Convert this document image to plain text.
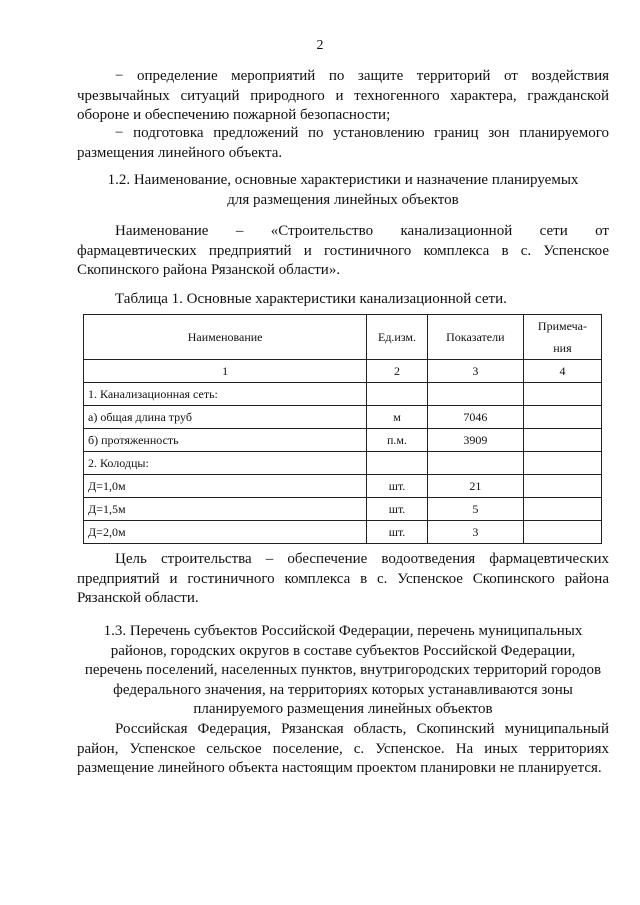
2

− определение мероприятий по защите территорий от воздействия чрезвычайных ситуаций природного и техногенного характера, гражданской обороне и обеспечению пожарной безопасности;

− подготовка предложений по установлению границ зон планируемого размещения линейного объекта.

1.2. Наименование, основные характеристики и назначение планируемых для размещения линейных объектов

Наименование – «Строительство канализационной сети от фармацевтических предприятий и гостиничного комплекса в с. Успенское Скопинского района Рязанской области».

Таблица 1. Основные характеристики канализационной сети.
Наименование	Ед.изм.	Показатели	Примеча-ния
1	2	3	4
1. Канализационная сеть:			
а) общая длина труб	м	7046	
б) протяженность	п.м.	3909	
2. Колодцы:			
Д=1,0м	шт.	21	
Д=1,5м	шт.	5	
Д=2,0м	шт.	3	

Цель строительства – обеспечение водоотведения фармацевтических предприятий и гостиничного комплекса в с. Успенское Скопинского района Рязанской области.

1.3. Перечень субъектов Российской Федерации, перечень муниципальных районов, городских округов в составе субъектов Российской Федерации, перечень поселений, населенных пунктов, внутригородских территорий городов федерального значения, на территориях которых устанавливаются зоны планируемого размещения линейных объектов

Российская Федерация, Рязанская область, Скопинский муниципальный район, Успенское сельское поселение, с. Успенское. На иных территориях размещение линейного объекта настоящим проектом планировки не планируется.
